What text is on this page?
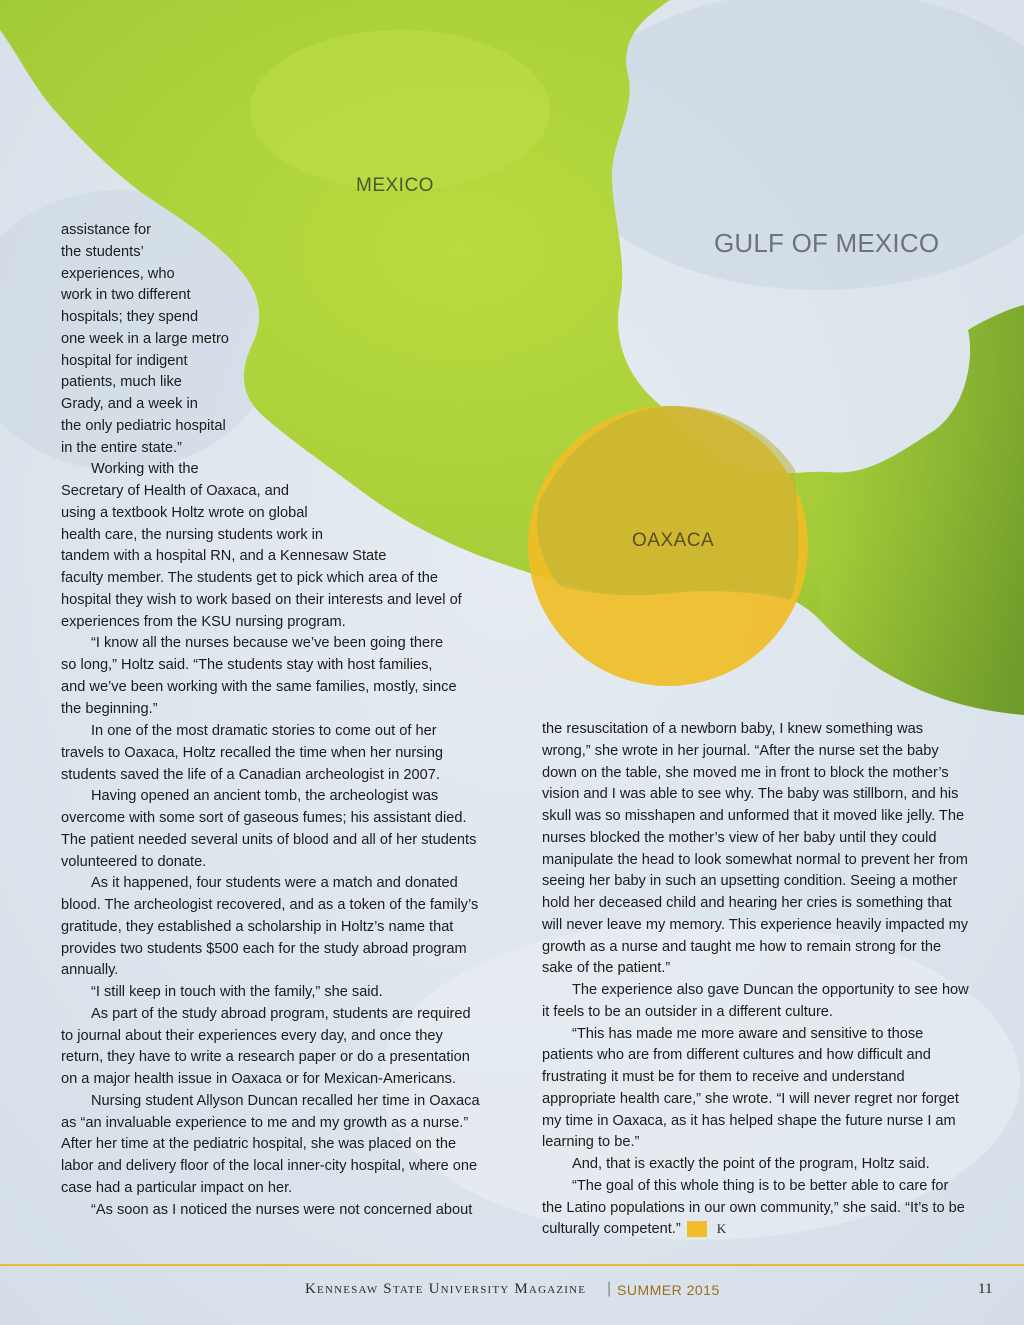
MEXICO
GULF OF MEXICO
OAXACA
assistance for
the students’
experiences, who
work in two different
hospitals; they spend
one week in a large metro
hospital for indigent
patients, much like
Grady, and a week in
the only pediatric hospital
in the entire state.”
Working with the
Secretary of Health of Oaxaca, and
using a textbook Holtz wrote on global
health care, the nursing students work in
tandem with a hospital RN, and a Kennesaw State
faculty member. The students get to pick which area of the
hospital they wish to work based on their interests and level of
experiences from the KSU nursing program.
“I know all the nurses because we’ve been going there
so long,” Holtz said. “The students stay with host families,
and we’ve been working with the same families, mostly, since
the beginning.”

In one of the most dramatic stories to come out of her travels to Oaxaca, Holtz recalled the time when her nursing students saved the life of a Canadian archeologist in 2007.

Having opened an ancient tomb, the archeologist was overcome with some sort of gaseous fumes; his assistant died. The patient needed several units of blood and all of her students volunteered to donate.

As it happened, four students were a match and donated blood. The archeologist recovered, and as a token of the family’s gratitude, they established a scholarship in Holtz’s name that provides two students $500 each for the study abroad program annually.

“I still keep in touch with the family,” she said.

As part of the study abroad program, students are required to journal about their experiences every day, and once they return, they have to write a research paper or do a presentation on a major health issue in Oaxaca or for Mexican-Americans.

Nursing student Allyson Duncan recalled her time in Oaxaca as “an invaluable experience to me and my growth as a nurse.” After her time at the pediatric hospital, she was placed on the labor and delivery floor of the local inner-city hospital, where one case had a particular impact on her.

“As soon as I noticed the nurses were not concerned about

the resuscitation of a newborn baby, I knew something was wrong,” she wrote in her journal. “After the nurse set the baby down on the table, she moved me in front to block the mother’s vision and I was able to see why. The baby was stillborn, and his skull was so misshapen and unformed that it moved like jelly. The nurses blocked the mother’s view of her baby until they could manipulate the head to look somewhat normal to prevent her from seeing her baby in such an upsetting condition. Seeing a mother hold her deceased child and hearing her cries is something that will never leave my memory. This experience heavily impacted my growth as a nurse and taught me how to remain strong for the sake of the patient.”

The experience also gave Duncan the opportunity to see how it feels to be an outsider in a different culture.

“This has made me more aware and sensitive to those patients who are from different cultures and how difficult and frustrating it must be for them to receive and understand appropriate health care,” she wrote. “I will never regret nor forget my time in Oaxaca, as it has helped shape the future nurse I am learning to be.”

And, that is exactly the point of the program, Holtz said.

“The goal of this whole thing is to be better able to care for the Latino populations in our own community,” she said. “It’s to be culturally competent.”	K

Kennesaw State University Magazine | SUMMER 2015	11
